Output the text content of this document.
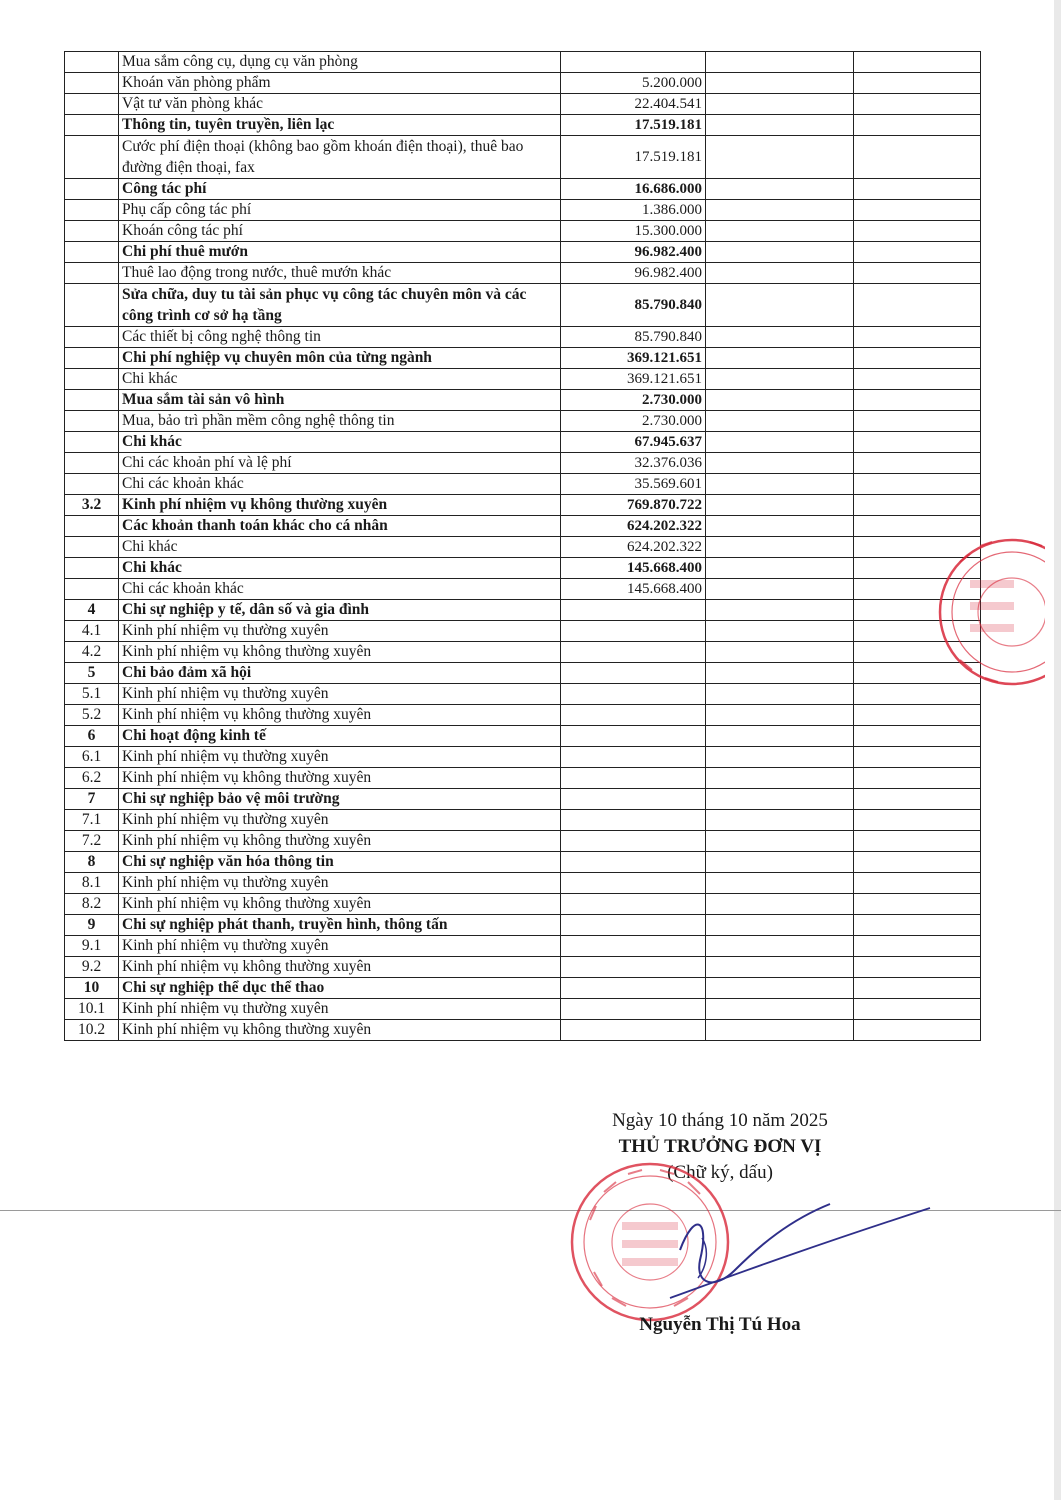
	Mua sắm công cụ, dụng cụ văn phòng			
	Khoán văn phòng phẩm	5.200.000		
	Vật tư văn phòng khác	22.404.541		
	Thông tin, tuyên truyền, liên lạc	17.519.181		
	Cước phí điện thoại (không bao gồm khoán điện thoại), thuê bao đường điện thoại, fax	17.519.181		
	Công tác phí	16.686.000		
	Phụ cấp công tác phí	1.386.000		
	Khoán công tác phí	15.300.000		
	Chi phí thuê mướn	96.982.400		
	Thuê lao động trong nước, thuê mướn khác	96.982.400		
	Sửa chữa, duy tu tài sản phục vụ công tác chuyên môn và các công trình cơ sở hạ tầng	85.790.840		
	Các thiết bị công nghệ thông tin	85.790.840		
	Chi phí nghiệp vụ chuyên môn của từng ngành	369.121.651		
	Chi khác	369.121.651		
	Mua sắm tài sản vô hình	2.730.000		
	Mua, bảo trì phần mềm công nghệ thông tin	2.730.000		
	Chi khác	67.945.637		
	Chi các khoản phí và lệ phí	32.376.036		
	Chi các khoản khác	35.569.601		
3.2	Kinh phí nhiệm vụ không thường xuyên	769.870.722		
	Các khoản thanh toán khác cho cá nhân	624.202.322		
	Chi khác	624.202.322		
	Chi khác	145.668.400		
	Chi các khoản khác	145.668.400		
4	Chi sự nghiệp y tế, dân số và gia đình			
4.1	Kinh phí nhiệm vụ thường xuyên			
4.2	Kinh phí nhiệm vụ không thường xuyên			
5	Chi bảo đảm xã hội			
5.1	Kinh phí nhiệm vụ thường xuyên			
5.2	Kinh phí nhiệm vụ không thường xuyên			
6	Chi hoạt động kinh tế			
6.1	Kinh phí nhiệm vụ thường xuyên			
6.2	Kinh phí nhiệm vụ không thường xuyên			
7	Chi sự nghiệp bảo vệ môi trường			
7.1	Kinh phí nhiệm vụ thường xuyên			
7.2	Kinh phí nhiệm vụ không thường xuyên			
8	Chi sự nghiệp văn hóa thông tin			
8.1	Kinh phí nhiệm vụ thường xuyên			
8.2	Kinh phí nhiệm vụ không thường xuyên			
9	Chi sự nghiệp phát thanh, truyền hình, thông tấn			
9.1	Kinh phí nhiệm vụ thường xuyên			
9.2	Kinh phí nhiệm vụ không thường xuyên			
10	Chi sự nghiệp thể dục thể thao			
10.1	Kinh phí nhiệm vụ thường xuyên			
10.2	Kinh phí nhiệm vụ không thường xuyên			
Ngày 10 tháng 10 năm 2025
THỦ TRƯỞNG ĐƠN VỊ
(Chữ ký, dấu)
Nguyễn Thị Tú Hoa
